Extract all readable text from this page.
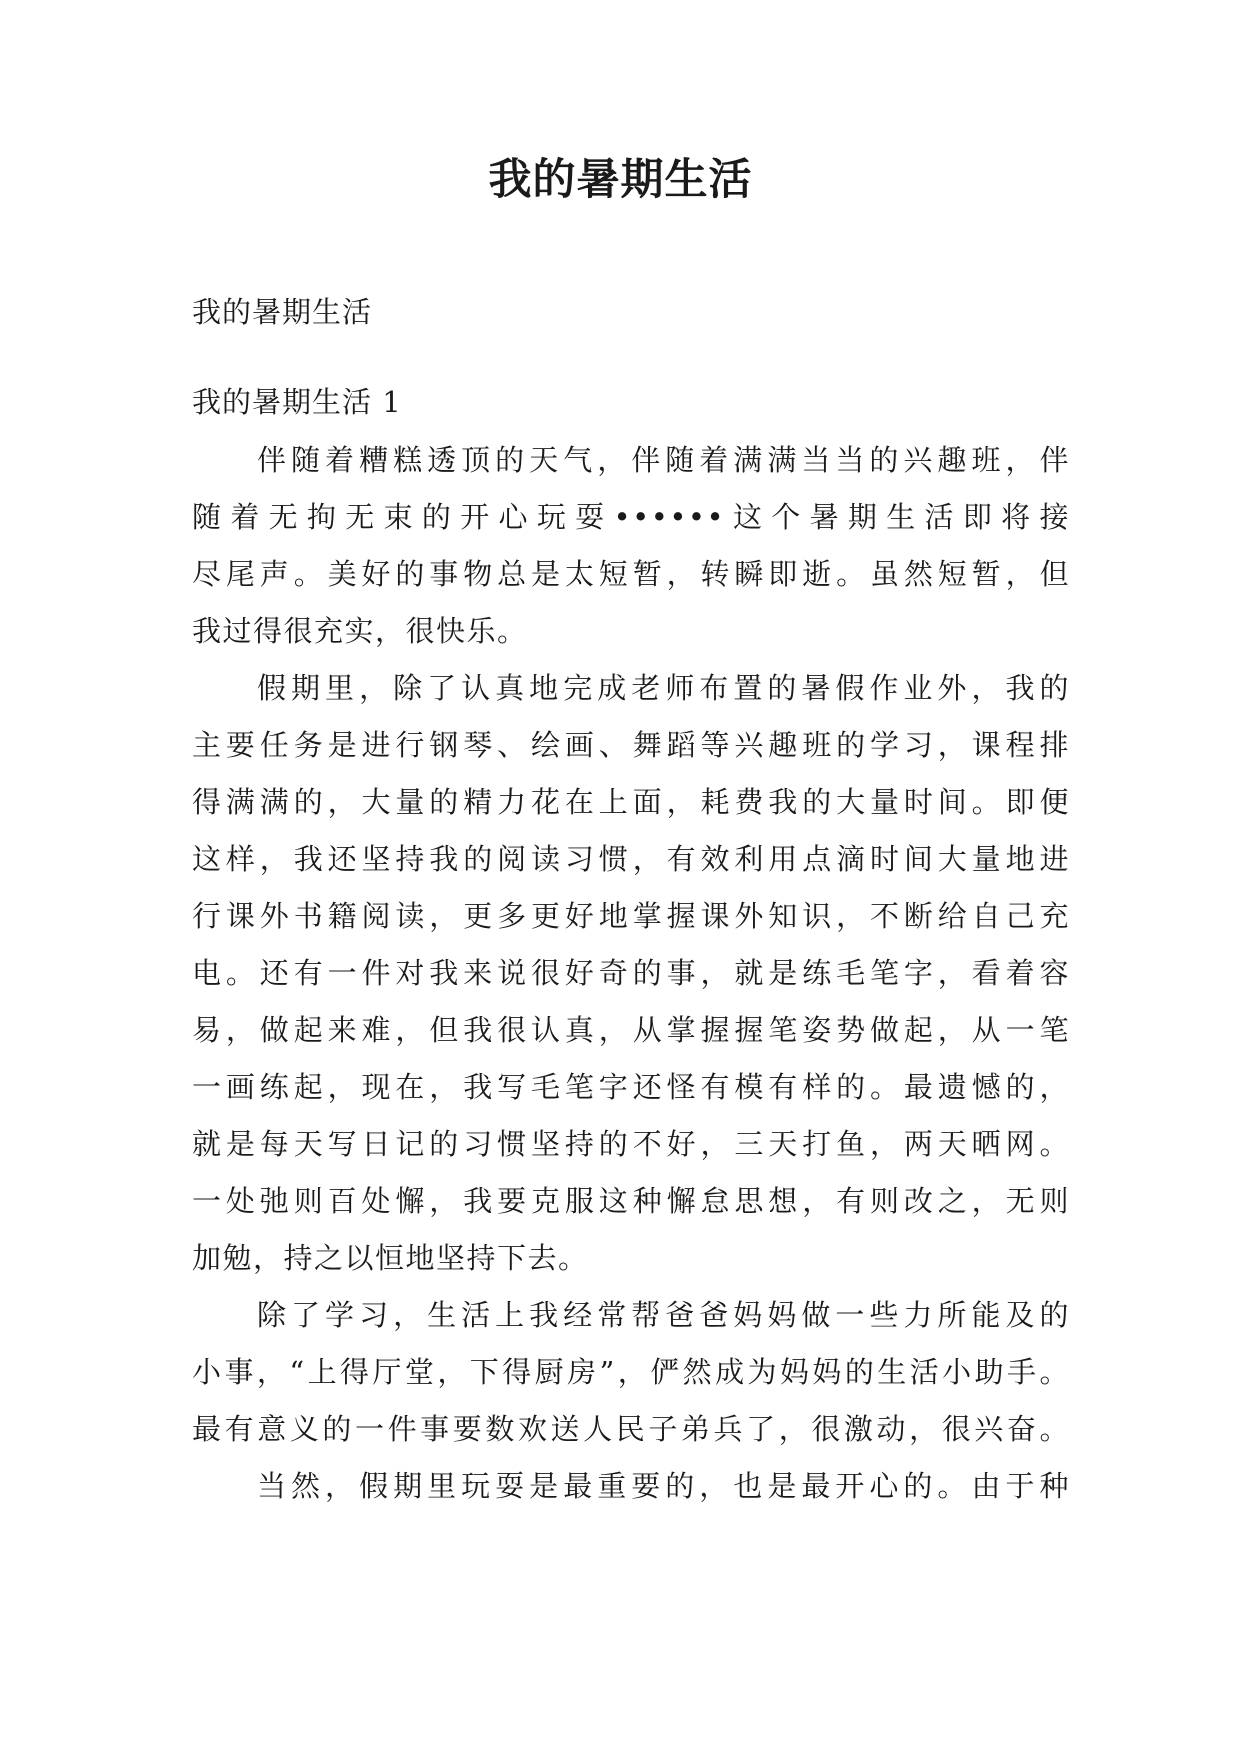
我的暑期生活

我的暑期生活

我的暑期生活 1

伴随着糟糕透顶的天气，伴随着满满当当的兴趣班，伴
随着无拘无束的开心玩耍••••••这个暑期生活即将接
尽尾声。美好的事物总是太短暂，转瞬即逝。虽然短暂，但
我过得很充实，很快乐。
假期里，除了认真地完成老师布置的暑假作业外，我的
主要任务是进行钢琴、绘画、舞蹈等兴趣班的学习，课程排
得满满的，大量的精力花在上面，耗费我的大量时间。即便
这样，我还坚持我的阅读习惯，有效利用点滴时间大量地进
行课外书籍阅读，更多更好地掌握课外知识，不断给自己充
电。还有一件对我来说很好奇的事，就是练毛笔字，看着容
易，做起来难，但我很认真，从掌握握笔姿势做起，从一笔
一画练起，现在，我写毛笔字还怪有模有样的。最遗憾的，
就是每天写日记的习惯坚持的不好，三天打鱼，两天晒网。
一处弛则百处懈，我要克服这种懈怠思想，有则改之，无则
加勉，持之以恒地坚持下去。
除了学习，生活上我经常帮爸爸妈妈做一些力所能及的
小事，“上得厅堂，下得厨房”，俨然成为妈妈的生活小助手。
最有意义的一件事要数欢送人民子弟兵了，很激动，很兴奋。
当然，假期里玩耍是最重要的，也是最开心的。由于种
